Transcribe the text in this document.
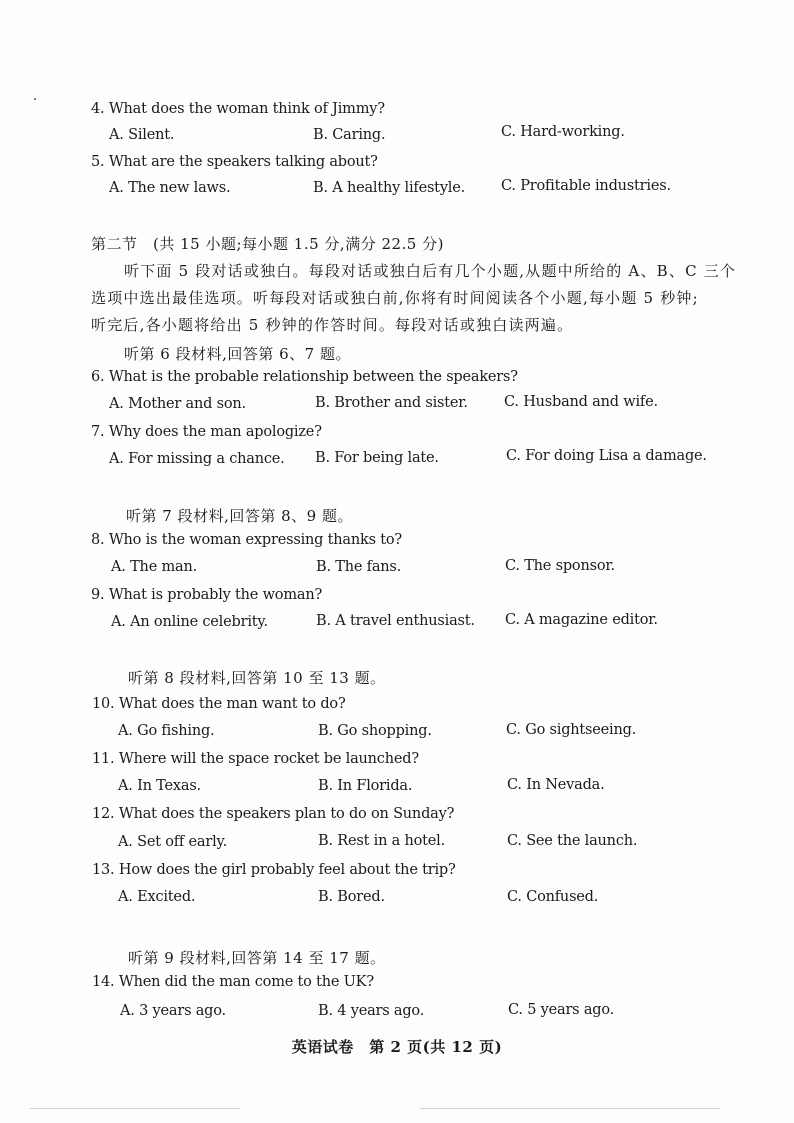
4. What does the woman think of Jimmy?
A. Silent.	B. Caring.	C. Hard-working.
5. What are the speakers talking about?
A. The new laws.	B. A healthy lifestyle. C. Profitable industries.
第二节　(共 15 小题;每小题 1.5 分,满分 22.5 分)
听下面 5 段对话或独白。每段对话或独白后有几个小题,从题中所给的 A、B、C 三个
选项中选出最佳选项。听每段对话或独白前,你将有时间阅读各个小题,每小题 5 秒钟;
听完后,各小题将给出 5 秒钟的作答时间。每段对话或独白读两遍。
听第 6 段材料,回答第 6、7 题。
6. What is the probable relationship between the speakers?
A. Mother and son.	B. Brother and sister. C. Husband and wife.
7. Why does the man apologize?
A. For missing a chance. B. For being late.	C. For doing Lisa a damage.
听第 7 段材料,回答第 8、9 题。
8. Who is the woman expressing thanks to?
A. The man.	B. The fans.	C. The sponsor.
9. What is probably the woman?
A. An online celebrity.	B. A travel enthusiast. C. A magazine editor.
听第 8 段材料,回答第 10 至 13 题。
10. What does the man want to do?
A. Go fishing.	B. Go shopping.	C. Go sightseeing.
11. Where will the space rocket be launched?
A. In Texas.	B. In Florida.	C. In Nevada.
12. What does the speakers plan to do on Sunday?
A. Set off early.	B. Rest in a hotel.	C. See the launch.
13. How does the girl probably feel about the trip?
A. Excited.	B. Bored.	C. Confused.
听第 9 段材料,回答第 14 至 17 题。
14. When did the man come to the UK?
A. 3 years ago.	B. 4 years ago.	C. 5 years ago.
英语试卷　第 2 页(共 12 页)
